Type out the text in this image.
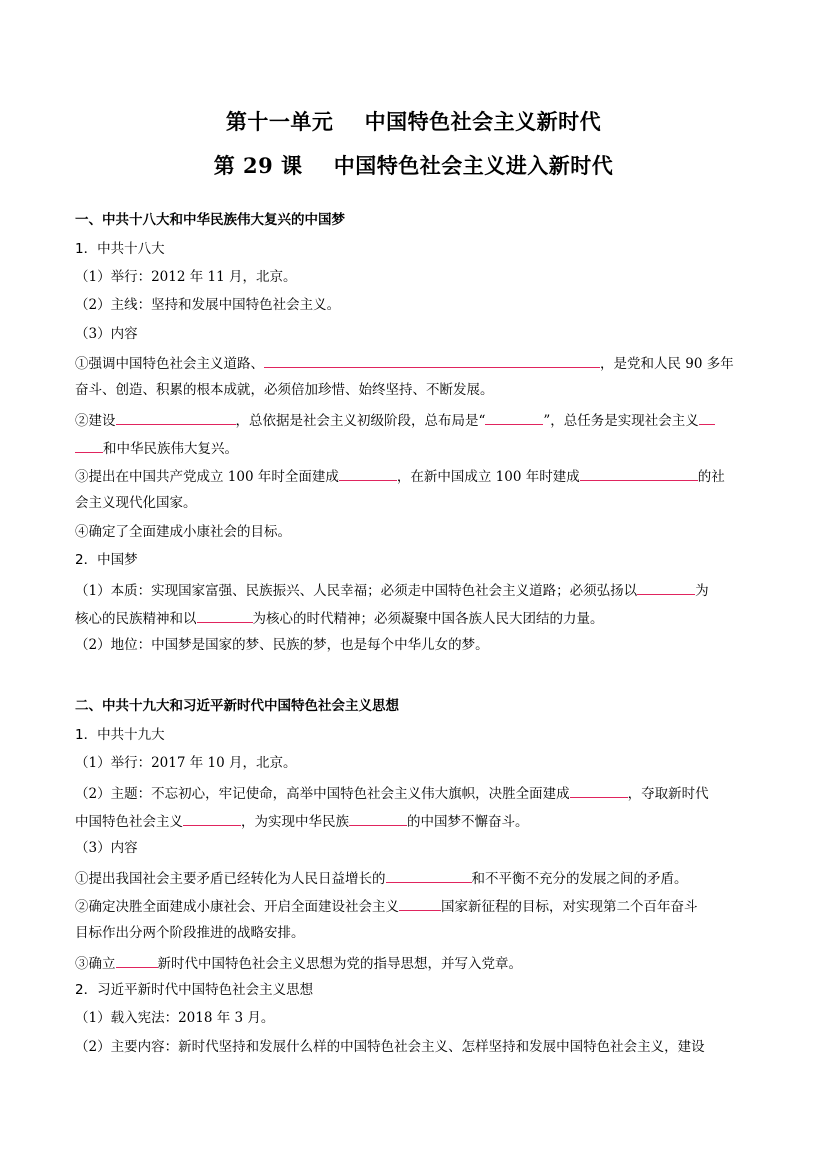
第十一单元    中国特色社会主义新时代
第 29 课    中国特色社会主义进入新时代
一、中共十八大和中华民族伟大复兴的中国梦
1．中共十八大
（1）举行：2012 年 11 月，北京。
（2）主线：坚持和发展中国特色社会主义。
（3）内容
①强调中国特色社会主义道路、	，是党和人民 90 多年
奋斗、创造、积累的根本成就，必须倍加珍惜、始终坚持、不断发展。
②建设	，总依据是社会主义初级阶段，总布局是“	”，总任务是实现社会主义
和中华民族伟大复兴。
③提出在中国共产党成立 100 年时全面建成	，在新中国成立 100 年时建成	的社
会主义现代化国家。
④确定了全面建成小康社会的目标。
2．中国梦
（1）本质：实现国家富强、民族振兴、人民幸福；必须走中国特色社会主义道路；必须弘扬以	为
核心的民族精神和以	为核心的时代精神；必须凝聚中国各族人民大团结的力量。
（2）地位：中国梦是国家的梦、民族的梦，也是每个中华儿女的梦。
二、中共十九大和习近平新时代中国特色社会主义思想
1．中共十九大
（1）举行：2017 年 10 月，北京。
（2）主题：不忘初心，牢记使命，高举中国特色社会主义伟大旗帜，决胜全面建成	，夺取新时代
中国特色社会主义	，为实现中华民族	的中国梦不懈奋斗。
（3）内容
①提出我国社会主要矛盾已经转化为人民日益增长的	和不平衡不充分的发展之间的矛盾。
②确定决胜全面建成小康社会、开启全面建设社会主义	国家新征程的目标，对实现第二个百年奋斗
目标作出分两个阶段推进的战略安排。
③确立	新时代中国特色社会主义思想为党的指导思想，并写入党章。
2．习近平新时代中国特色社会主义思想
（1）载入宪法：2018 年 3 月。
（2）主要内容：新时代坚持和发展什么样的中国特色社会主义、怎样坚持和发展中国特色社会主义，建设
